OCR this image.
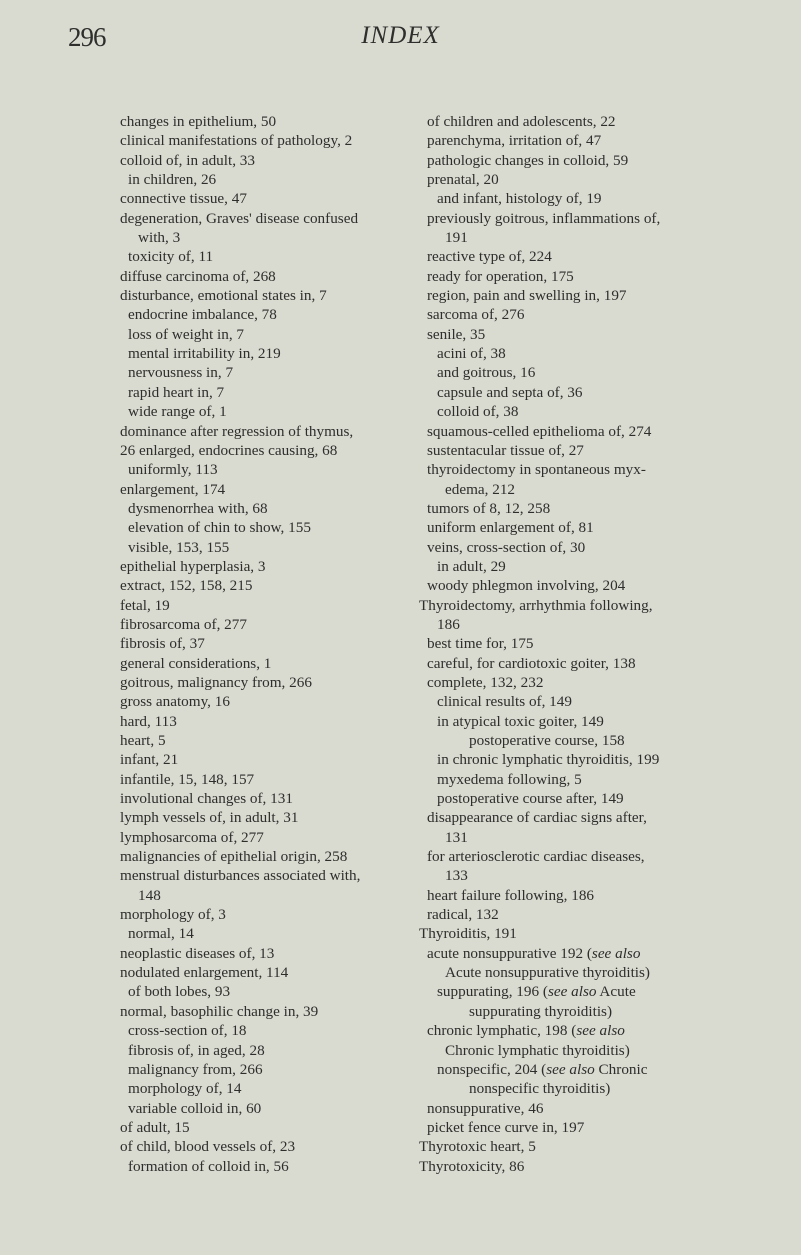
296	INDEX
changes in epithelium, 50
clinical manifestations of pathology, 2
colloid of, in adult, 33
in children, 26
connective tissue, 47
degeneration, Graves' disease confused
with, 3
toxicity of, 11
diffuse carcinoma of, 268
disturbance, emotional states in, 7
endocrine imbalance, 78
loss of weight in, 7
mental irritability in, 219
nervousness in, 7
rapid heart in, 7
wide range of, 1
dominance after regression of thymus,
26 enlarged, endocrines causing, 68
uniformly, 113
enlargement, 174
dysmenorrhea with, 68
elevation of chin to show, 155
visible, 153, 155
epithelial hyperplasia, 3
extract, 152, 158, 215
fetal, 19
fibrosarcoma of, 277
fibrosis of, 37
general considerations, 1
goitrous, malignancy from, 266
gross anatomy, 16
hard, 113
heart, 5
infant, 21
infantile, 15, 148, 157
involutional changes of, 131
lymph vessels of, in adult, 31
lymphosarcoma of, 277
malignancies of epithelial origin, 258
menstrual disturbances associated with,
148
morphology of, 3
normal, 14
neoplastic diseases of, 13
nodulated enlargement, 114
of both lobes, 93
normal, basophilic change in, 39
cross-section of, 18
fibrosis of, in aged, 28
malignancy from, 266
morphology of, 14
variable colloid in, 60
of adult, 15
of child, blood vessels of, 23
formation of colloid in, 56
of children and adolescents, 22
parenchyma, irritation of, 47
pathologic changes in colloid, 59
prenatal, 20
and infant, histology of, 19
previously goitrous, inflammations of,
191
reactive type of, 224
ready for operation, 175
region, pain and swelling in, 197
sarcoma of, 276
senile, 35
acini of, 38
and goitrous, 16
capsule and septa of, 36
colloid of, 38
squamous-celled epithelioma of, 274
sustentacular tissue of, 27
thyroidectomy in spontaneous myx-
edema, 212
tumors of 8, 12, 258
uniform enlargement of, 81
veins, cross-section of, 30
in adult, 29
woody phlegmon involving, 204
Thyroidectomy, arrhythmia following,
186
best time for, 175
careful, for cardiotoxic goiter, 138
complete, 132, 232
clinical results of, 149
in atypical toxic goiter, 149
postoperative course, 158
in chronic lymphatic thyroiditis, 199
myxedema following, 5
postoperative course after, 149
disappearance of cardiac signs after,
131
for arteriosclerotic cardiac diseases,
133
heart failure following, 186
radical, 132
Thyroiditis, 191
acute nonsuppurative 192 (see also
Acute nonsuppurative thyroiditis)
suppurating, 196 (see also Acute
suppurating thyroiditis)
chronic lymphatic, 198 (see also
Chronic lymphatic thyroiditis)
nonspecific, 204 (see also Chronic
nonspecific thyroiditis)
nonsuppurative, 46
picket fence curve in, 197
Thyrotoxic heart, 5
Thyrotoxicity, 86
